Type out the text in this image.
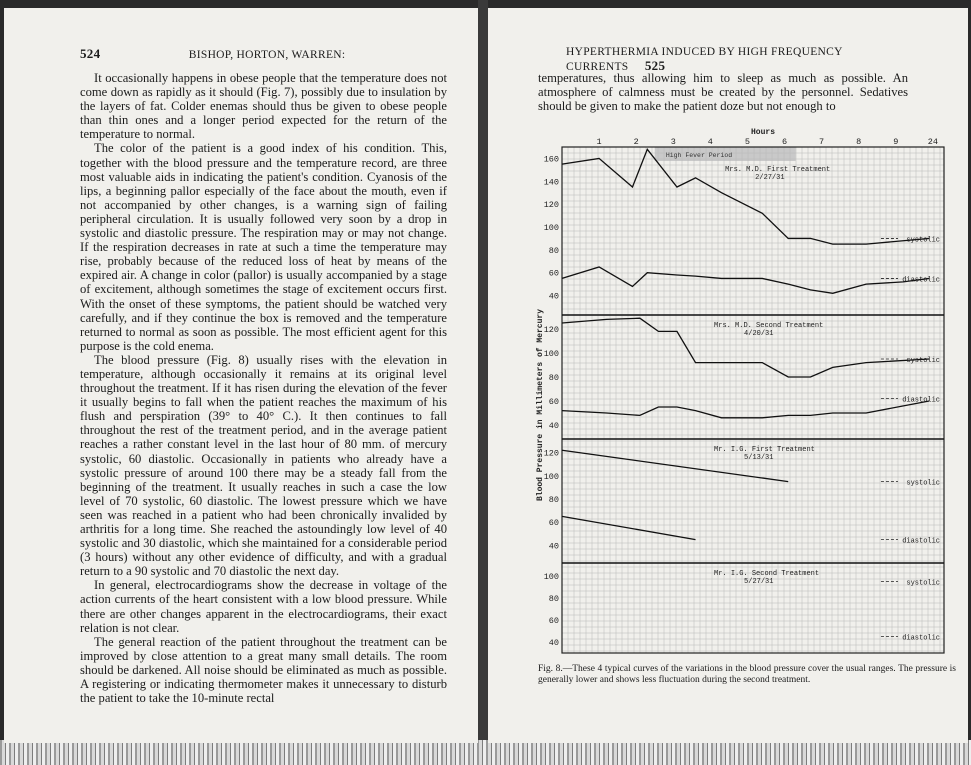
524	BISHOP, HORTON, WARREN:

It occasionally happens in obese people that the temperature does not come down as rapidly as it should (Fig. 7), possibly due to insulation by the layers of fat. Colder enemas should thus be given to obese people than thin ones and a longer period expected for the return of the temperature to normal.

The color of the patient is a good index of his condition. This, together with the blood pressure and the temperature record, are three most valuable aids in indicating the patient's condition. Cyanosis of the lips, a beginning pallor especially of the face about the mouth, even if not accompanied by other changes, is a warning sign of failing peripheral circulation. It is usually followed very soon by a drop in systolic and diastolic pressure. The respiration may or may not change. If the respiration decreases in rate at such a time the temperature may rise, probably because of the reduced loss of heat by means of the expired air. A change in color (pallor) is usually accompanied by a stage of excitement, although sometimes the stage of excitement occurs first. With the onset of these symptoms, the patient should be watched very carefully, and if they continue the box is removed and the temperature returned to normal as soon as possible. The most efficient agent for this purpose is the cold enema.

The blood pressure (Fig. 8) usually rises with the elevation in temperature, although occasionally it remains at its original level throughout the treatment. If it has risen during the elevation of the fever it usually begins to fall when the patient reaches the maximum of his flush and perspiration (39° to 40° C.). It then continues to fall throughout the rest of the treatment period, and in the average patient reaches a rather constant level in the last hour of 80 mm. of mercury systolic, 60 diastolic. Occasionally in patients who already have a systolic pressure of around 100 there may be a steady fall from the beginning of the treatment. It usually reaches in such a case the low level of 70 systolic, 60 diastolic. The lowest pressure which we have seen was reached in a patient who had been chronically invalided by arthritis for a long time. She reached the astoundingly low level of 40 systolic and 30 diastolic, which she maintained for a considerable period (3 hours) without any other evidence of difficulty, and with a gradual return to a 90 systolic and 70 diastolic the next day.

In general, electrocardiograms show the decrease in voltage of the action currents of the heart consistent with a low blood pressure. While there are other changes apparent in the electrocardiograms, their exact relation is not clear.

The general reaction of the patient throughout the treatment can be improved by close attention to a great many small details. The room should be darkened. All noise should be eliminated as much as possible. A registering or indicating thermometer makes it unnecessary to disturb the patient to take the 10-minute rectal

HYPERTHERMIA INDUCED BY HIGH FREQUENCY CURRENTS 525

temperatures, thus allowing him to sleep as much as possible. An atmosphere of calmness must be created by the personnel. Sedatives should be given to make the patient doze but not enough to

Hours
1	2	3	4	5	6	7	8	9	24
Blood Pressure in Millimeters of Mercury
High Fever Period
40
60
80
100
120
140
160
Mrs. M.D. First Treatment
2/27/31
systolic
diastolic
40
60
80
100
120	Mrs. M.D. Second Treatment
4/20/31
systolic
diastolic
40
60
80
100
120	Mr. I.G. First Treatment
5/13/31
systolic
diastolic
40
60
80
100	Mr. I.G. Second Treatment
5/27/31	systolic
diastolic
Fig. 8.—These 4 typical curves of the variations in the blood pressure cover the usual ranges. The pressure is generally lower and shows less fluctuation during the second treatment.
